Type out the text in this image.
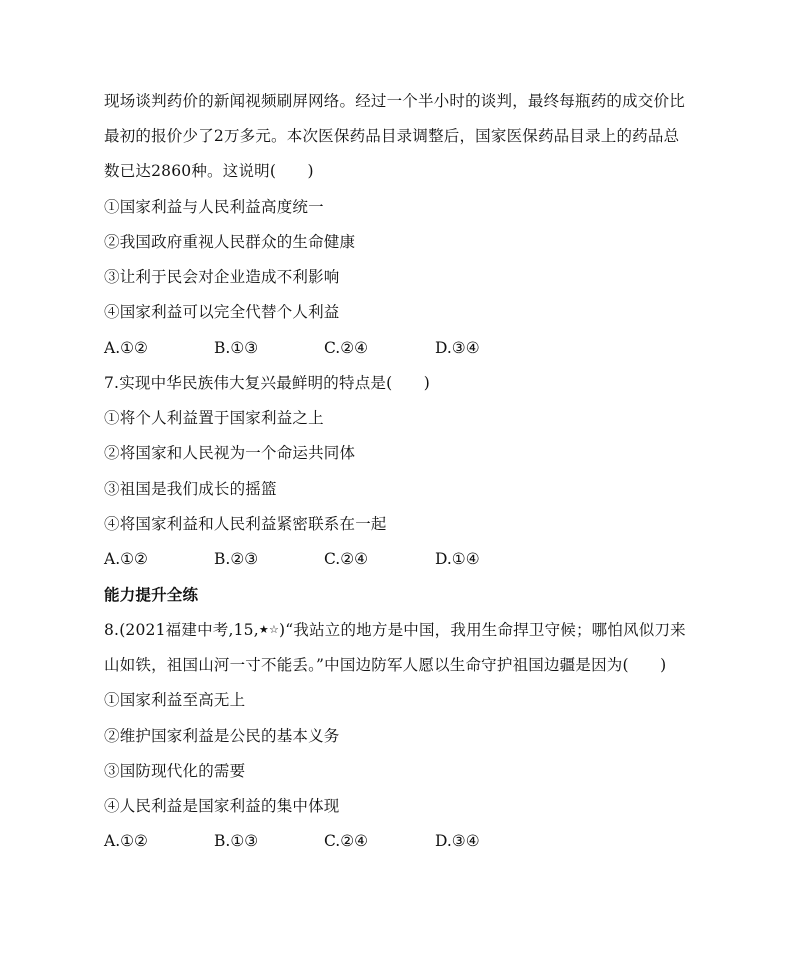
现场谈判药价的新闻视频刷屏网络。经过一个半小时的谈判，最终每瓶药的成交价比
最初的报价少了2万多元。本次医保药品目录调整后，国家医保药品目录上的药品总
数已达2860种。这说明(　　)
①国家利益与人民利益高度统一
②我国政府重视人民群众的生命健康
③让利于民会对企业造成不利影响
④国家利益可以完全代替个人利益
A.①②	B.①③	C.②④	D.③④
7.实现中华民族伟大复兴最鲜明的特点是(　　)
①将个人利益置于国家利益之上
②将国家和人民视为一个命运共同体
③祖国是我们成长的摇篮
④将国家利益和人民利益紧密联系在一起
A.①②	B.②③	C.②④	D.①④
能力提升全练
8.(2021福建中考,15,★☆)“我站立的地方是中国，我用生命捍卫守候；哪怕风似刀来
山如铁，祖国山河一寸不能丢。”中国边防军人愿以生命守护祖国边疆是因为(　　)
①国家利益至高无上
②维护国家利益是公民的基本义务
③国防现代化的需要
④人民利益是国家利益的集中体现
A.①②	B.①③	C.②④	D.③④
